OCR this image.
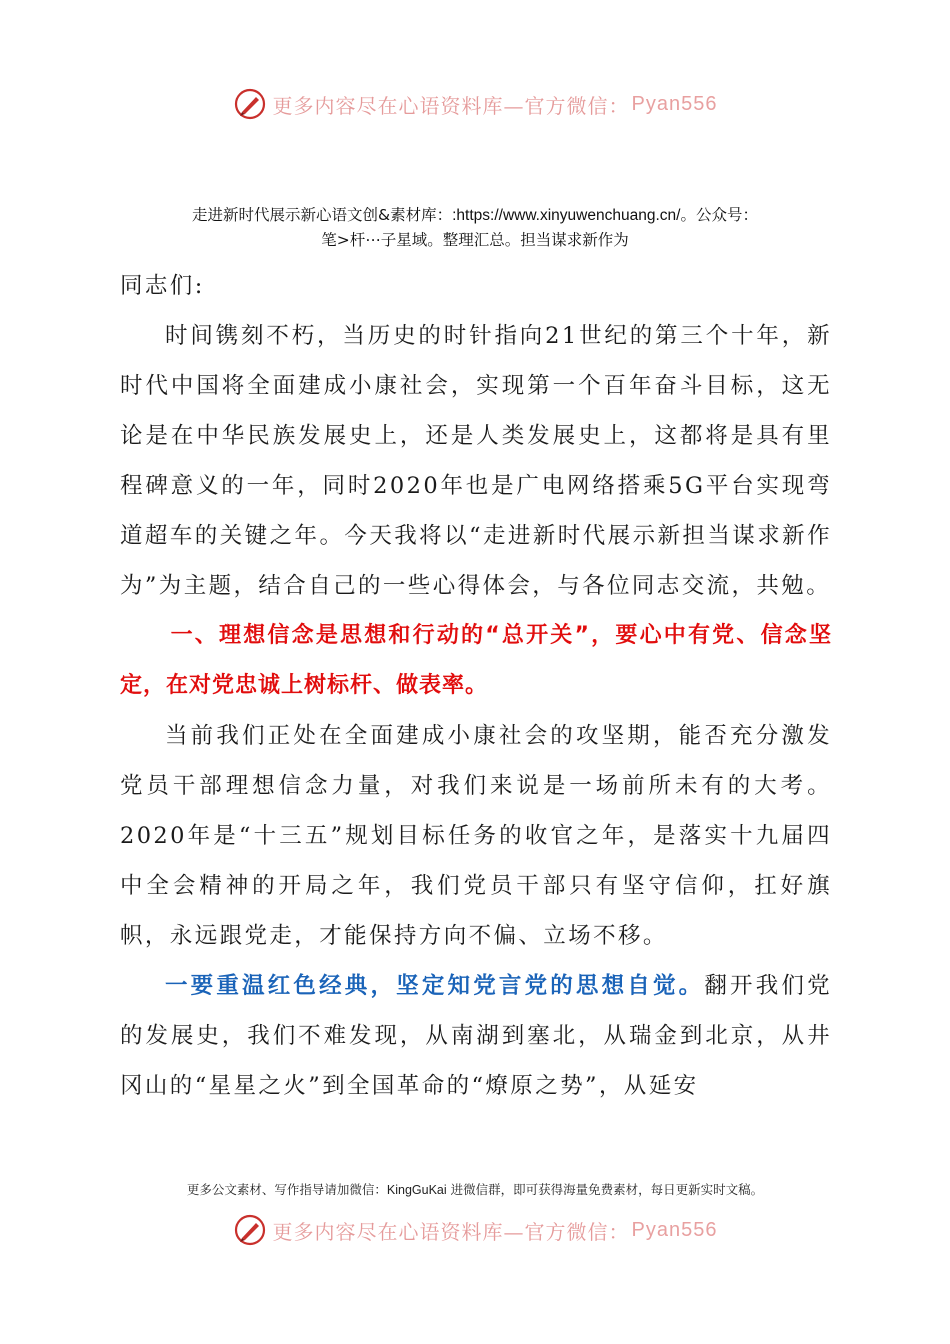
更多内容尽在心语资料库—官方微信： Pyan556
走进新时代展示新心语文创&素材库：:https://www.xinyuwenchuang.cn/。公众号：
笔>杆⋯子星域。整理汇总。担当谋求新作为

同志们:

时间镌刻不朽，当历史的时针指向21世纪的第三个十年，新时代中国将全面建成小康社会，实现第一个百年奋斗目标，这无论是在中华民族发展史上，还是人类发展史上，这都将是具有里程碑意义的一年，同时2020年也是广电网络搭乘5G平台实现弯道超车的关键之年。今天我将以“走进新时代展示新担当谋求新作为”为主题，结合自己的一些心得体会，与各位同志交流，共勉。

一、理想信念是思想和行动的“总开关”，要心中有党、信念坚定，在对党忠诚上树标杆、做表率。

当前我们正处在全面建成小康社会的攻坚期，能否充分激发党员干部理想信念力量，对我们来说是一场前所未有的大考。2020年是“十三五”规划目标任务的收官之年，是落实十九届四中全会精神的开局之年，我们党员干部只有坚守信仰，扛好旗帜，永远跟党走，才能保持方向不偏、立场不移。

一要重温红色经典，坚定知党言党的思想自觉。翻开我们党的发展史，我们不难发现，从南湖到塞北，从瑞金到北京，从井冈山的“星星之火”到全国革命的“燎原之势”，从延安

更多公文素材、写作指导请加微信：KingGuKai 进微信群，即可获得海量免费素材，每日更新实时文稿。
更多内容尽在心语资料库—官方微信： Pyan556
